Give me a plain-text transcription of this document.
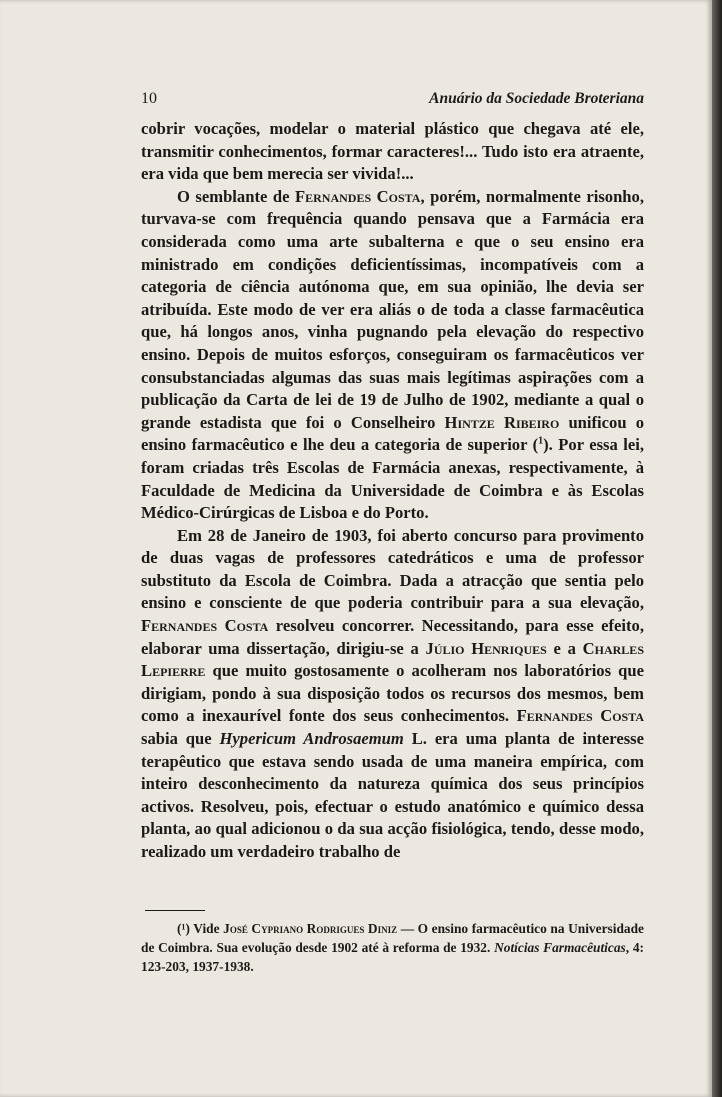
10	Anuário da Sociedade Broteriana

cobrir vocações, modelar o material plástico que chegava até ele, transmitir conhecimentos, formar caracteres!... Tudo isto era atraente, era vida que bem merecia ser vivida!...

O semblante de Fernandes Costa, porém, normalmente risonho, turvava-se com frequência quando pensava que a Farmácia era considerada como uma arte subalterna e que o seu ensino era ministrado em condições deficientíssimas, incompatíveis com a categoria de ciência autónoma que, em sua opinião, lhe devia ser atribuída. Este modo de ver era aliás o de toda a classe farmacêutica que, há longos anos, vinha pugnando pela elevação do respectivo ensino. Depois de muitos esforços, conseguiram os farmacêuticos ver consubstanciadas algumas das suas mais legítimas aspirações com a publicação da Carta de lei de 19 de Julho de 1902, mediante a qual o grande estadista que foi o Conselheiro Hintze Ribeiro unificou o ensino farmacêutico e lhe deu a categoria de superior ($^1$). Por essa lei, foram criadas três Escolas de Farmácia anexas, respectivamente, à Faculdade de Medicina da Universidade de Coimbra e às Escolas Médico-Cirúrgicas de Lisboa e do Porto.

Em 28 de Janeiro de 1903, foi aberto concurso para provimento de duas vagas de professores catedráticos e uma de professor substituto da Escola de Coimbra. Dada a atracção que sentia pelo ensino e consciente de que poderia contribuir para a sua elevação, Fernandes Costa resolveu concorrer. Necessitando, para esse efeito, elaborar uma dissertação, dirigiu-se a Júlio Henriques e a Charles Lepierre que muito gostosamente o acolheram nos laboratórios que dirigiam, pondo à sua disposição todos os recursos dos mesmos, bem como a inexaurível fonte dos seus conhecimentos. Fernandes Costa sabia que Hypericum Androsaemum L. era uma planta de interesse terapêutico que estava sendo usada de uma maneira empírica, com inteiro desconhecimento da natureza química dos seus princípios activos. Resolveu, pois, efectuar o estudo anatómico e químico dessa planta, ao qual adicionou o da sua acção fisiológica, tendo, desse modo, realizado um verdadeiro trabalho de

(¹) Vide José Cypriano Rodrigues Diniz — O ensino farmacêutico na Universidade de Coimbra. Sua evolução desde 1902 até à reforma de 1932. Notícias Farmacêuticas, 4: 123-203, 1937-1938.
